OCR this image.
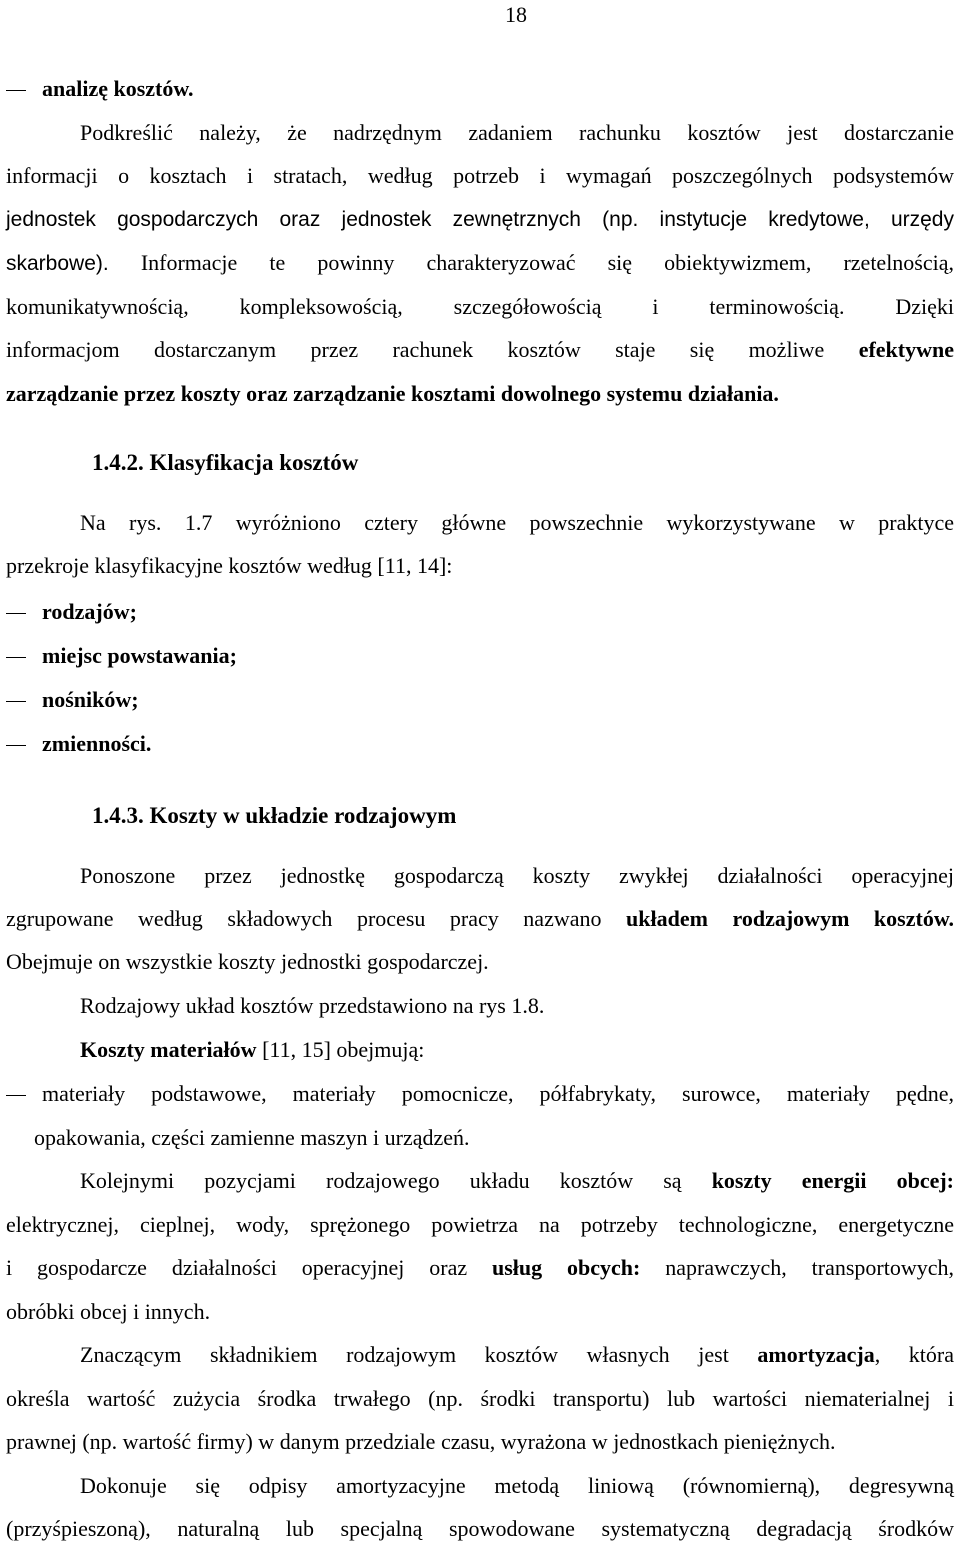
18
analizę kosztów.
Podkreślić należy, że nadrzędnym zadaniem rachunku kosztów jest dostarczanie
informacji o kosztach i stratach, według potrzeb i wymagań poszczególnych podsystemów
jednostek gospodarczych oraz jednostek zewnętrznych (np. instytucje kredytowe, urzędy
skarbowe). Informacje te powinny charakteryzować się obiektywizmem, rzetelnością,
komunikatywnością, kompleksowością, szczegółowością i terminowością. Dzięki
informacjom dostarczanym przez rachunek kosztów staje się możliwe efektywne
zarządzanie przez koszty oraz zarządzanie kosztami dowolnego systemu działania.
1.4.2. Klasyfikacja kosztów
Na rys. 1.7 wyróżniono cztery główne powszechnie wykorzystywane w praktyce
przekroje klasyfikacyjne kosztów według [11, 14]:
rodzajów;
miejsc powstawania;
nośników;
zmienności.
1.4.3. Koszty w układzie rodzajowym
Ponoszone przez jednostkę gospodarczą koszty zwykłej działalności operacyjnej
zgrupowane według składowych procesu pracy nazwano układem rodzajowym kosztów.
Obejmuje on wszystkie koszty jednostki gospodarczej.
Rodzajowy układ kosztów przedstawiono na rys 1.8.
Koszty materiałów [11, 15] obejmują:
materiały podstawowe, materiały pomocnicze, półfabrykaty, surowce, materiały pędne,
opakowania, części zamienne maszyn i urządzeń.
Kolejnymi pozycjami rodzajowego układu kosztów są koszty energii obcej:
elektrycznej, cieplnej, wody, sprężonego powietrza na potrzeby technologiczne, energetyczne
i gospodarcze działalności operacyjnej oraz usług obcych: naprawczych, transportowych,
obróbki obcej i innych.
Znaczącym składnikiem rodzajowym kosztów własnych jest amortyzacja, która
określa wartość zużycia środka trwałego (np. środki transportu) lub wartości niematerialnej i
prawnej (np. wartość firmy) w danym przedziale czasu, wyrażona w jednostkach pieniężnych.
Dokonuje się odpisy amortyzacyjne metodą liniową (równomierną), degresywną
(przyśpieszoną), naturalną lub specjalną spowodowane systematyczną degradacją środków
